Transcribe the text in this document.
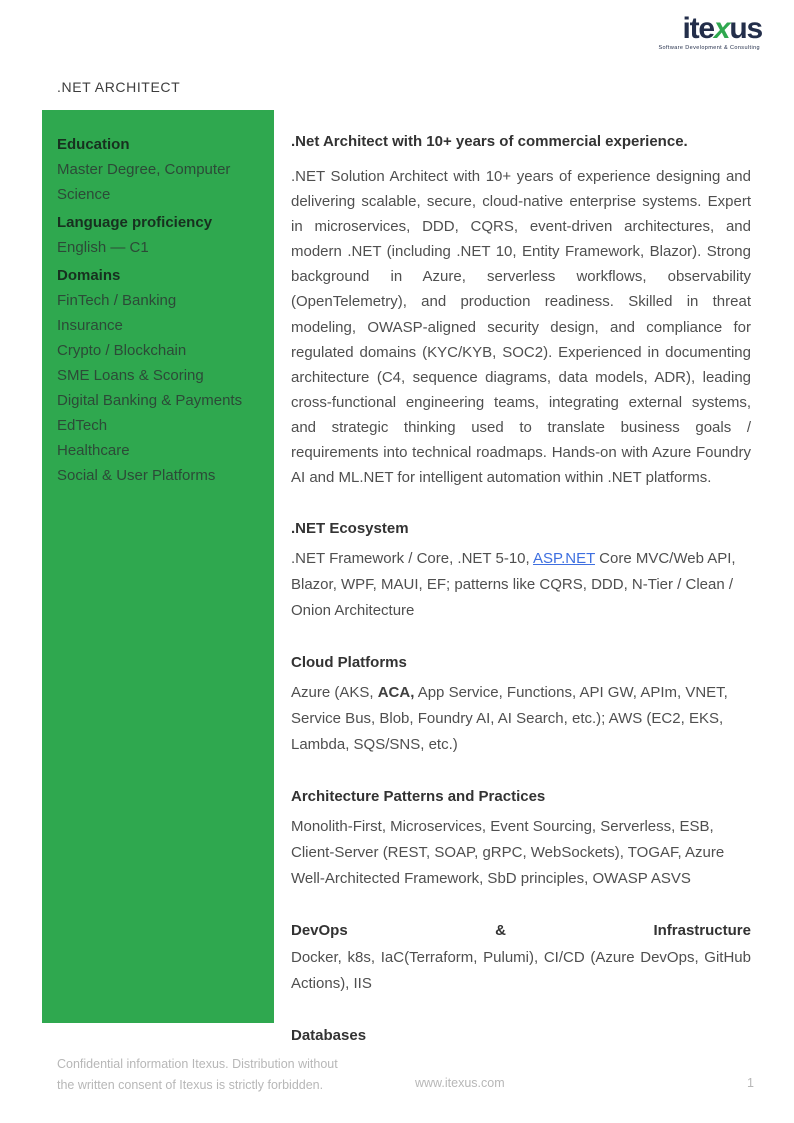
itexus
Software Development & Consulting
.NET ARCHITECT
Education
Master Degree, Computer Science
Language proficiency
English — C1
Domains
FinTech / Banking
Insurance
Crypto / Blockchain
SME Loans & Scoring
Digital Banking & Payments
EdTech
Healthcare
Social & User Platforms
.Net Architect with 10+ years of commercial experience.
.NET Solution Architect with 10+ years of experience designing and delivering scalable, secure, cloud-native enterprise systems. Expert in microservices, DDD, CQRS, event-driven architectures, and modern .NET (including .NET 10, Entity Framework, Blazor). Strong background in Azure, serverless workflows, observability (OpenTelemetry), and production readiness. Skilled in threat modeling, OWASP-aligned security design, and compliance for regulated domains (KYC/KYB, SOC2). Experienced in documenting architecture (C4, sequence diagrams, data models, ADR), leading cross-functional engineering teams, integrating external systems, and strategic thinking used to translate business goals / requirements into technical roadmaps. Hands-on with Azure Foundry AI and ML.NET for intelligent automation within .NET platforms.
.NET Ecosystem
.NET Framework / Core, .NET 5-10, ASP.NET Core MVC/Web API, Blazor, WPF, MAUI, EF; patterns like CQRS, DDD, N-Tier / Clean / Onion Architecture
Cloud Platforms
Azure (AKS, ACA, App Service, Functions, API GW, APIm, VNET, Service Bus, Blob, Foundry AI, AI Search, etc.); AWS (EC2, EKS, Lambda, SQS/SNS, etc.)
Architecture Patterns and Practices
Monolith-First, Microservices, Event Sourcing, Serverless, ESB, Client-Server (REST, SOAP, gRPC, WebSockets), TOGAF, Azure Well-Architected Framework, SbD principles, OWASP ASVS
DevOps	&	Infrastructure
Docker, k8s, IaC(Terraform, Pulumi), CI/CD (Azure DevOps, GitHub Actions), IIS
Databases
Confidential information Itexus. Distribution without
the written consent of Itexus is strictly forbidden.	www.itexus.com	1
